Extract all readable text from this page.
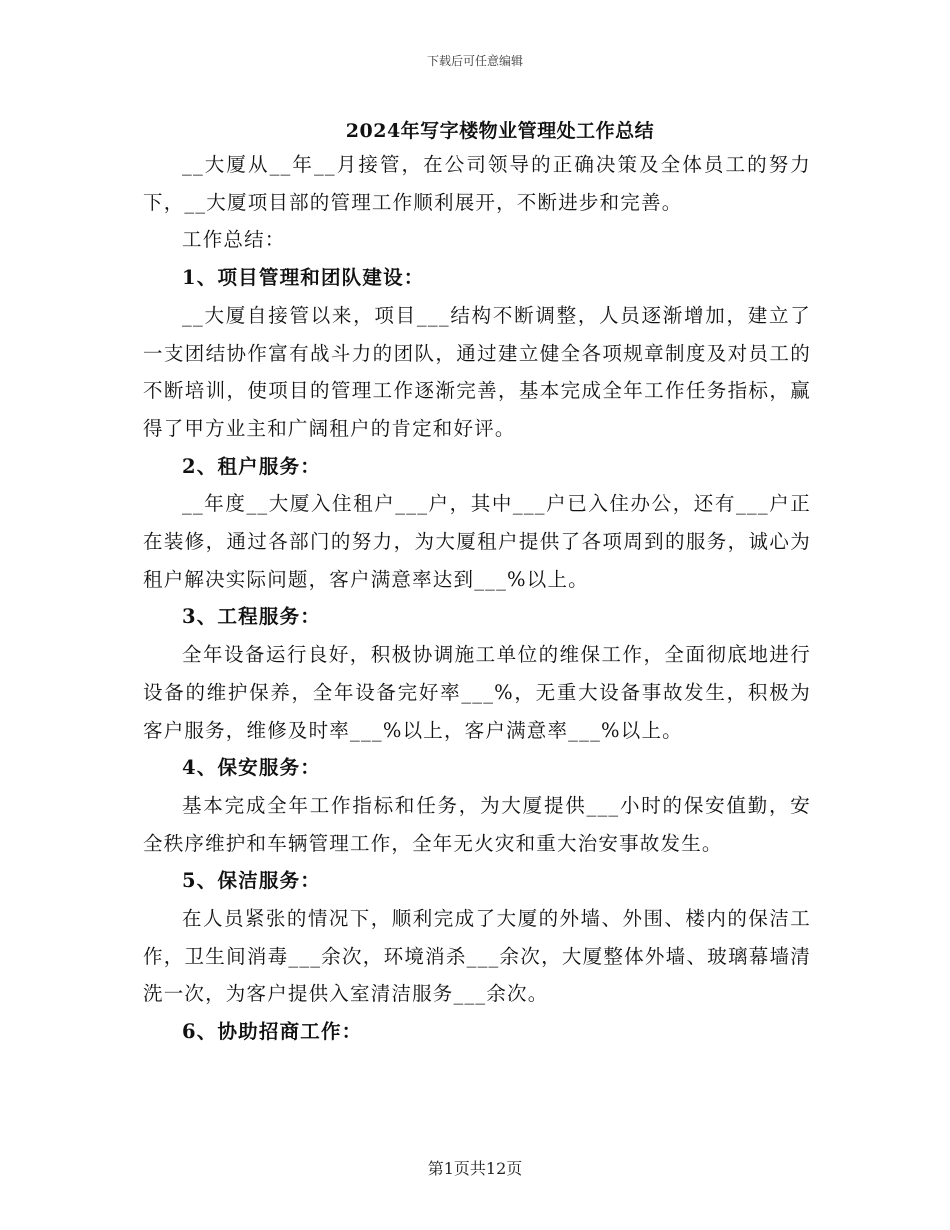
下载后可任意编辑
2024年写字楼物业管理处工作总结

__大厦从__年__月接管，在公司领导的正确决策及全体员工的努力下，__大厦项目部的管理工作顺利展开，不断进步和完善。

工作总结：

1、项目管理和团队建设：

__大厦自接管以来，项目___结构不断调整，人员逐渐增加，建立了一支团结协作富有战斗力的团队，通过建立健全各项规章制度及对员工的不断培训，使项目的管理工作逐渐完善，基本完成全年工作任务指标，赢得了甲方业主和广阔租户的肯定和好评。

2、租户服务：

__年度__大厦入住租户___户，其中___户已入住办公，还有___户正在装修，通过各部门的努力，为大厦租户提供了各项周到的服务，诚心为租户解决实际问题，客户满意率达到___%以上。

3、工程服务：

全年设备运行良好，积极协调施工单位的维保工作，全面彻底地进行设备的维护保养，全年设备完好率___%，无重大设备事故发生，积极为客户服务，维修及时率___%以上，客户满意率___%以上。

4、保安服务：

基本完成全年工作指标和任务，为大厦提供___小时的保安值勤，安全秩序维护和车辆管理工作，全年无火灾和重大治安事故发生。

5、保洁服务：

在人员紧张的情况下，顺利完成了大厦的外墙、外围、楼内的保洁工作，卫生间消毒___余次，环境消杀___余次，大厦整体外墙、玻璃幕墙清洗一次，为客户提供入室清洁服务___余次。

6、协助招商工作：

第1页共12页
